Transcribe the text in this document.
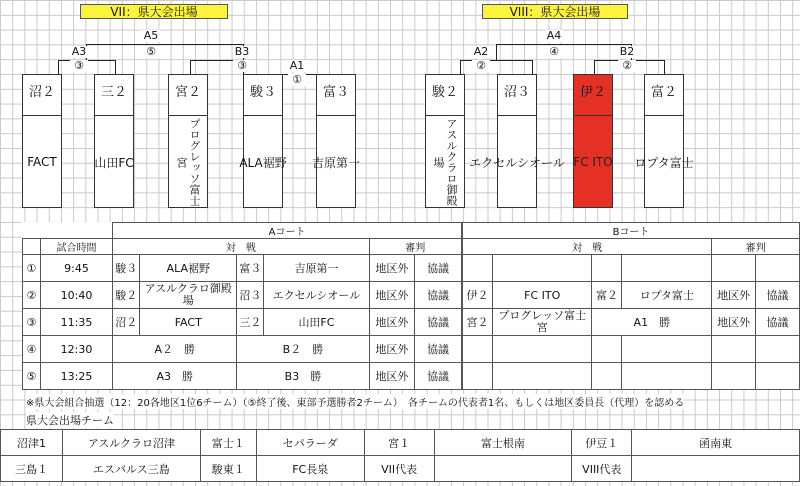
VII：県大会出場	VIII：県大会出場
A3
③
A5
⑤	B3
③	A1
①
A2
②
A4
④	B2
②
沼２
FACT
三２
山田FC
宮２
プログレッソ富士宮
駿３
ALA裾野
富３
吉原第一
駿２
アスルクラロ御殿場
沼３
エクセルシオール
伊２
FC ITO
富２
ロプタ富士
		Aコート					
	試合時間	対　戦				審判	
①	9:45	駿３	ALA裾野	富３	吉原第一	地区外	協議
②	10:40	駿２	アスルクラロ御殿場	沼３	エクセルシオール	地区外	協議
③	11:35	沼２	FACT	三２	山田FC	地区外	協議
④	12:30	A２　勝		B２　勝		地区外	協議
⑤	13:25	A3　勝		B3　勝		地区外	協議
Bコート					
対　戦				審判	

伊２	FC ITO	富２	ロプタ富士	地区外	協議
宮２	プログレッソ富士宮	A1　勝		地区外	協議

※県大会組合抽選（12：20各地区1位6チーム）（⑤終了後、東部予選勝者2チーム）　各チームの代表者1名、もしくは地区委員長（代理）を認める
県大会出場チーム
沼津1	アスルクラロ沼津	富士１	セパラーダ	宮１	富士根南	伊豆１	函南東
三島１	エスパルス三島	駿東１	FC長泉	VII代表		VIII代表	
